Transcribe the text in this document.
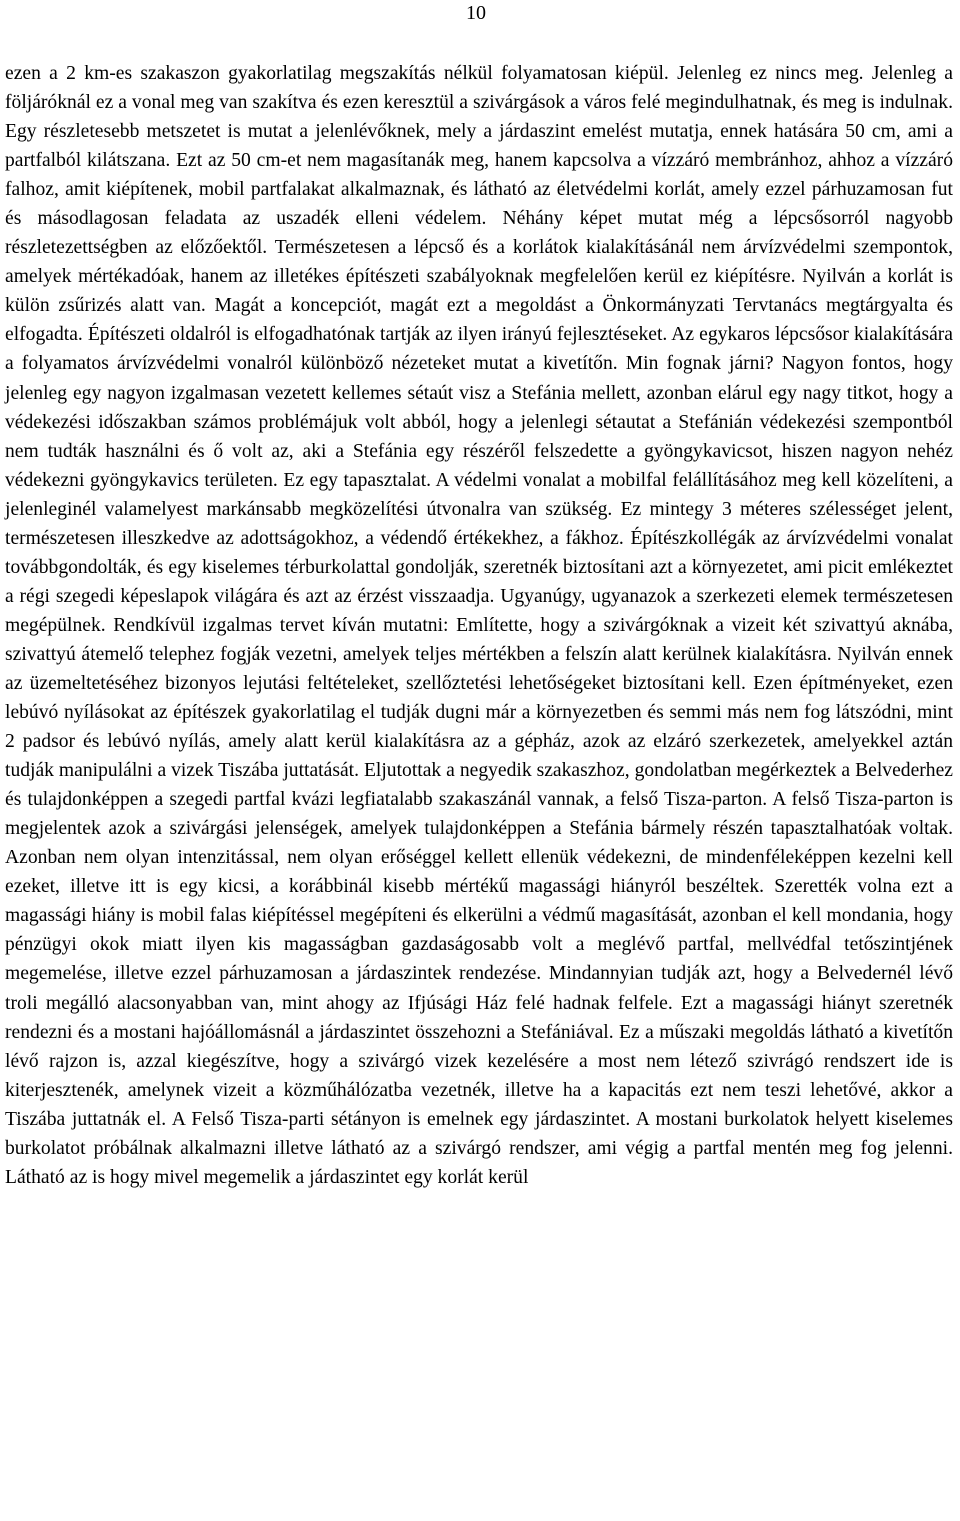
10

ezen a 2 km-es szakaszon gyakorlatilag megszakítás nélkül folyamatosan kiépül. Jelenleg ez nincs meg. Jelenleg a följáróknál ez a vonal meg van szakítva és ezen keresztül a szivárgások a város felé megindulhatnak, és meg is indulnak. Egy részletesebb metszetet is mutat a jelenlévőknek, mely a járdaszint emelést mutatja, ennek hatására 50 cm, ami a partfalból kilátszana. Ezt az 50 cm-et nem magasítanák meg, hanem kapcsolva a vízzáró membránhoz, ahhoz a vízzáró falhoz, amit kiépítenek, mobil partfalakat alkalmaznak, és látható az életvédelmi korlát, amely ezzel párhuzamosan fut és másodlagosan feladata az uszadék elleni védelem. Néhány képet mutat még a lépcsősorról nagyobb részletezettségben az előzőektől. Természetesen a lépcső és a korlátok kialakításánál nem árvízvédelmi szempontok, amelyek mértékadóak, hanem az illetékes építészeti szabályoknak megfelelően kerül ez kiépítésre. Nyilván a korlát is külön zsűrizés alatt van. Magát a koncepciót, magát ezt a megoldást a Önkormányzati Tervtanács megtárgyalta és elfogadta. Építészeti oldalról is elfogadhatónak tartják az ilyen irányú fejlesztéseket. Az egykaros lépcsősor kialakítására a folyamatos árvízvédelmi vonalról különböző nézeteket mutat a kivetítőn. Min fognak járni? Nagyon fontos, hogy jelenleg egy nagyon izgalmasan vezetett kellemes sétaút visz a Stefánia mellett, azonban elárul egy nagy titkot, hogy a védekezési időszakban számos problémájuk volt abból, hogy a jelenlegi sétautat a Stefánián védekezési szempontból nem tudták használni és ő volt az, aki a Stefánia egy részéről felszedette a gyöngykavicsot, hiszen nagyon nehéz védekezni gyöngykavics területen. Ez egy tapasztalat. A védelmi vonalat a mobilfal felállításához meg kell közelíteni, a jelenleginél valamelyest markánsabb megközelítési útvonalra van szükség. Ez mintegy 3 méteres szélességet jelent, természetesen illeszkedve az adottságokhoz, a védendő értékekhez, a fákhoz. Építészkollégák az árvízvédelmi vonalat továbbgondolták, és egy kiselemes térburkolattal gondolják, szeretnék biztosítani azt a környezetet, ami picit emlékeztet a régi szegedi képeslapok világára és azt az érzést visszaadja. Ugyanúgy, ugyanazok a szerkezeti elemek természetesen megépülnek. Rendkívül izgalmas tervet kíván mutatni: Említette, hogy a szivárgóknak a vizeit két szivattyú aknába, szivattyú átemelő telephez fogják vezetni, amelyek teljes mértékben a felszín alatt kerülnek kialakításra. Nyilván ennek az üzemeltetéséhez bizonyos lejutási feltételeket, szellőztetési lehetőségeket biztosítani kell. Ezen építményeket, ezen lebúvó nyílásokat az építészek gyakorlatilag el tudják dugni már a környezetben és semmi más nem fog látszódni, mint 2 padsor és lebúvó nyílás, amely alatt kerül kialakításra az a gépház, azok az elzáró szerkezetek, amelyekkel aztán tudják manipulálni a vizek Tiszába juttatását. Eljutottak a negyedik szakaszhoz, gondolatban megérkeztek a Belvederhez és tulajdonképpen a szegedi partfal kvázi legfiatalabb szakaszánál vannak, a felső Tisza-parton. A felső Tisza-parton is megjelentek azok a szivárgási jelenségek, amelyek tulajdonképpen a Stefánia bármely részén tapasztalhatóak voltak. Azonban nem olyan intenzitással, nem olyan erőséggel kellett ellenük védekezni, de mindenféleképpen kezelni kell ezeket, illetve itt is egy kicsi, a korábbinál kisebb mértékű magassági hiányról beszéltek. Szerették volna ezt a magassági hiány is mobil falas kiépítéssel megépíteni és elkerülni a védmű magasítását, azonban el kell mondania, hogy pénzügyi okok miatt ilyen kis magasságban gazdaságosabb volt a meglévő partfal, mellvédfal tetőszintjének megemelése, illetve ezzel párhuzamosan a járdaszintek rendezése. Mindannyian tudják azt, hogy a Belvedernél lévő troli megálló alacsonyabban van, mint ahogy az Ifjúsági Ház felé hadnak felfele. Ezt a magassági hiányt szeretnék rendezni és a mostani hajóállomásnál a járdaszintet összehozni a Stefániával. Ez a műszaki megoldás látható a kivetítőn lévő rajzon is, azzal kiegészítve, hogy a szivárgó vizek kezelésére a most nem létező szivrágó rendszert ide is kiterjesztenék, amelynek vizeit a közműhálózatba vezetnék, illetve ha a kapacitás ezt nem teszi lehetővé, akkor a Tiszába juttatnák el. A Felső Tisza-parti sétányon is emelnek egy járdaszintet. A mostani burkolatok helyett kiselemes burkolatot próbálnak alkalmazni illetve látható az a szivárgó rendszer, ami végig a partfal mentén meg fog jelenni. Látható az is hogy mivel megemelik a járdaszintet egy korlát kerül
